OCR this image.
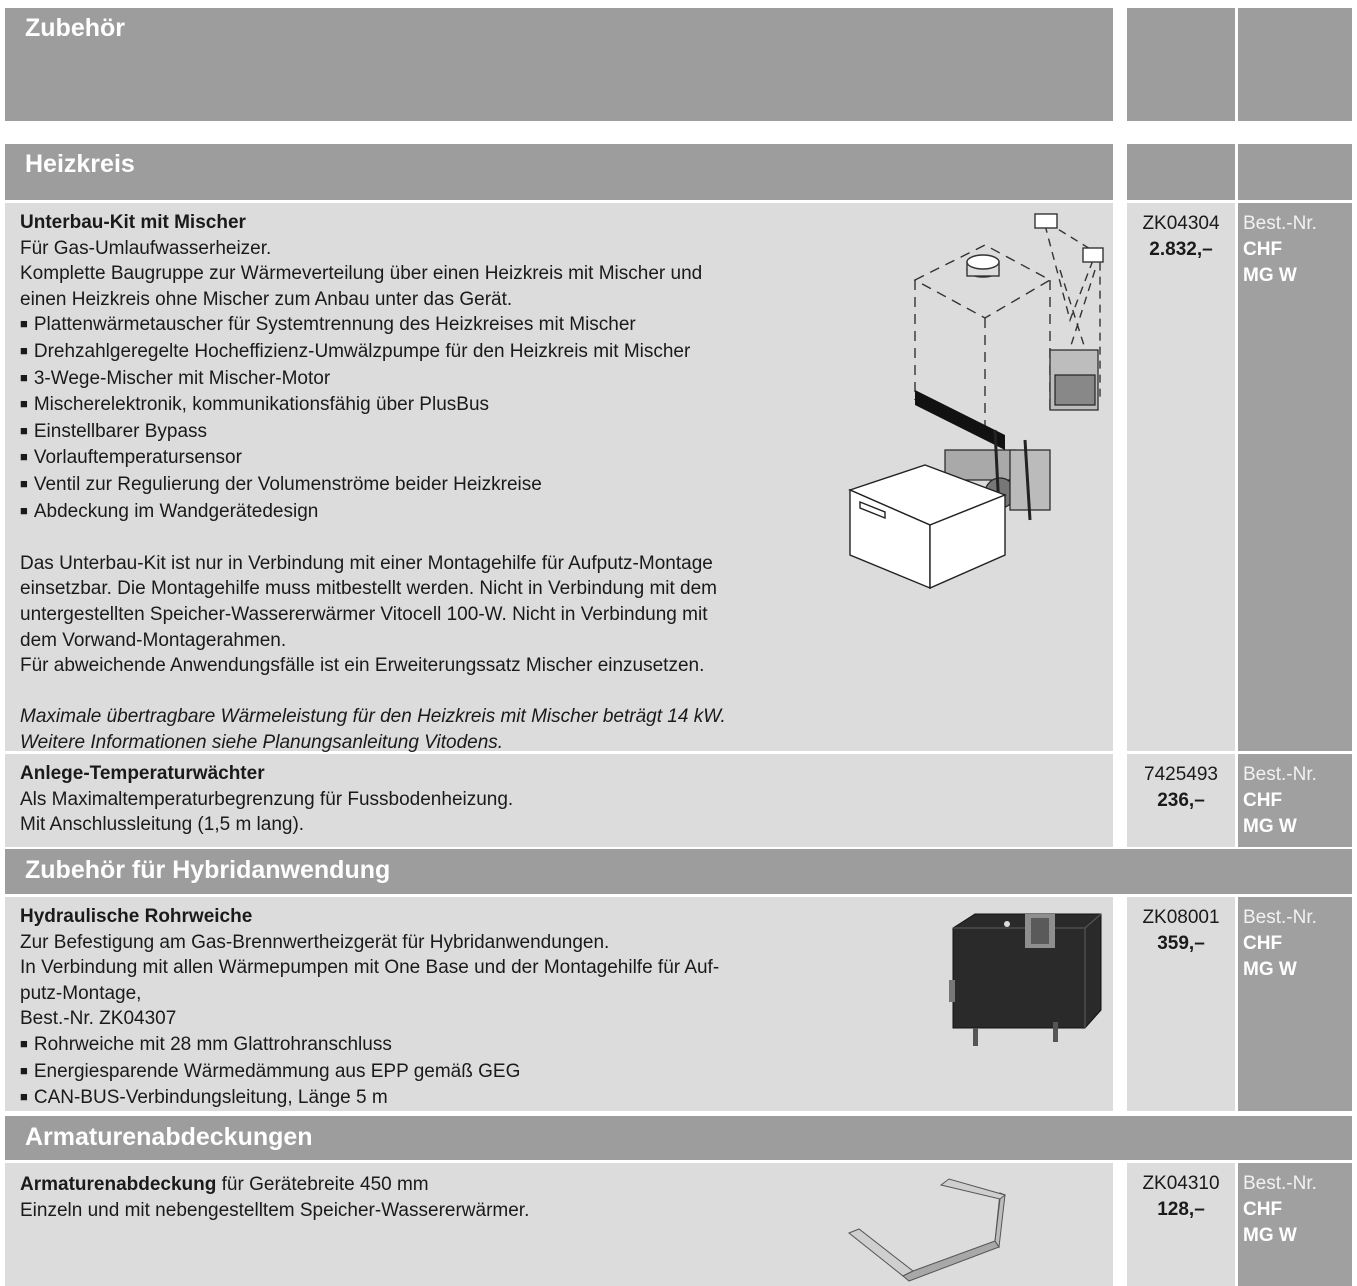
Zubehör
Heizkreis

Unterbau-Kit mit Mischer

Für Gas-Umlaufwasserheizer.

Komplette Baugruppe zur Wärmeverteilung über einen Heizkreis mit Mischer und

einen Heizkreis ohne Mischer zum Anbau unter das Gerät.

■ Plattenwärmetauscher für Systemtrennung des Heizkreises mit Mischer
■ Drehzahlgeregelte Hocheffizienz-Umwälzpumpe für den Heizkreis mit Mischer
■ 3-Wege-Mischer mit Mischer-Motor
■ Mischerelektronik, kommunikationsfähig über PlusBus
■ Einstellbarer Bypass
■ Vorlauftemperatursensor
■ Ventil zur Regulierung der Volumenströme beider Heizkreise
■ Abdeckung im Wandgerätedesign

Das Unterbau-Kit ist nur in Verbindung mit einer Montagehilfe für Aufputz-Montage

einsetzbar. Die Montagehilfe muss mitbestellt werden. Nicht in Verbindung mit dem

untergestellten Speicher-Wassererwärmer Vitocell 100-W. Nicht in Verbindung mit

dem Vorwand-Montagerahmen.

Für abweichende Anwendungsfälle ist ein Erweiterungssatz Mischer einzusetzen.

Maximale übertragbare Wärmeleistung für den Heizkreis mit Mischer beträgt 14 kW.

Weitere Informationen siehe Planungsanleitung Vitodens.

ZK04304
2.832,–
Best.-Nr.
CHF
MG W

Anlege-Temperaturwächter

Als Maximaltemperaturbegrenzung für Fussbodenheizung.

Mit Anschlussleitung (1,5 m lang).

7425493
236,–
Best.-Nr.
CHF
MG W
Zubehör für Hybridanwendung

Hydraulische Rohrweiche

Zur Befestigung am Gas-Brennwertheizgerät für Hybridanwendungen.

In Verbindung mit allen Wärmepumpen mit One Base und der Montagehilfe für Auf-

putz-Montage,

Best.-Nr. ZK04307

■ Rohrweiche mit 28 mm Glattrohranschluss
■ Energiesparende Wärmedämmung aus EPP gemäß GEG
■ CAN-BUS-Verbindungsleitung, Länge 5 m
ZK08001
359,–
Best.-Nr.
CHF
MG W
Armaturenabdeckungen

Armaturenabdeckung für Gerätebreite 450 mm

Einzeln und mit nebengestelltem Speicher-Wassererwärmer.

ZK04310
128,–
Best.-Nr.
CHF
MG W
